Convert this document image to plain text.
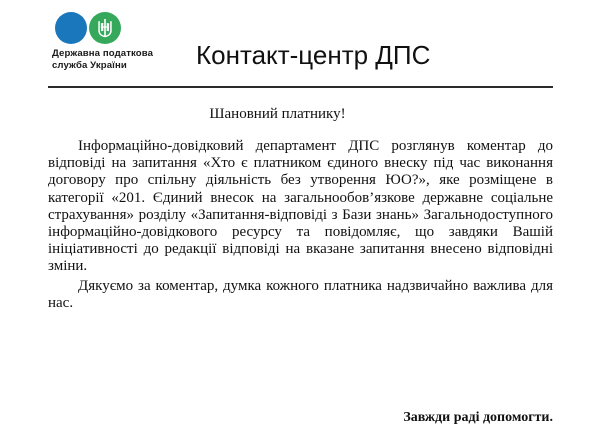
Державна податкова
служба України	Контакт-центр ДПС
Шановний платнику!

Інформаційно-довідковий департамент ДПС розглянув коментар до відповіді на запитання «Хто є платником єдиного внеску під час виконання договору про спільну діяльність без утворення ЮО?», яке розміщене в категорії «201. Єдиний внесок на загальнообов’язкове державне соціальне страхування» розділу «Запитання-відповіді з Бази знань» Загальнодоступного інформаційно-довідкового ресурсу та повідомляє, що завдяки Вашій ініціативності до редакції відповіді на вказане запитання внесено відповідні зміни.

Дякуємо за коментар, думка кожного платника надзвичайно важлива для нас.

Завжди раді допомогти.
